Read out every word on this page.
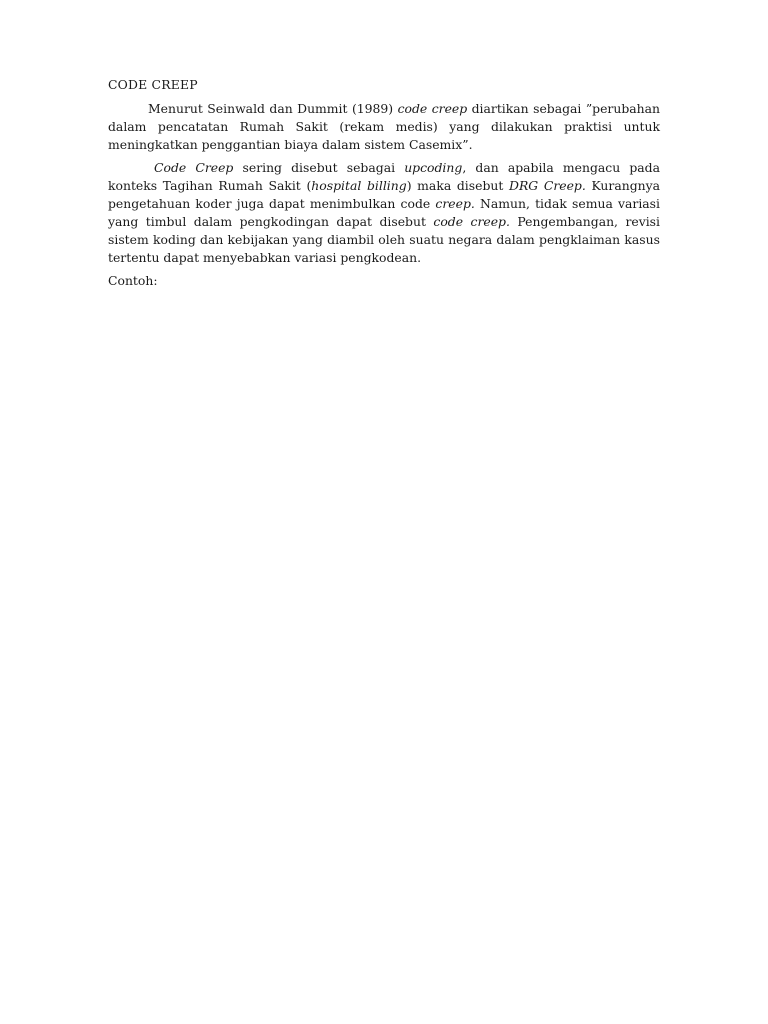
CODE CREEP

Menurut Seinwald dan Dummit (1989) code creep diartikan sebagai ”perubahan dalam pencatatan Rumah Sakit (rekam medis) yang dilakukan praktisi untuk meningkatkan penggantian biaya dalam sistem Casemix”.

Code Creep sering disebut sebagai upcoding, dan apabila mengacu pada konteks Tagihan Rumah Sakit (hospital billing) maka disebut DRG Creep. Kurangnya pengetahuan koder juga dapat menimbulkan code creep. Namun, tidak semua variasi yang timbul dalam pengkodingan dapat disebut code creep. Pengembangan, revisi sistem koding dan kebijakan yang diambil oleh suatu negara dalam pengklaiman kasus tertentu dapat menyebabkan variasi pengkodean.

Contoh:
